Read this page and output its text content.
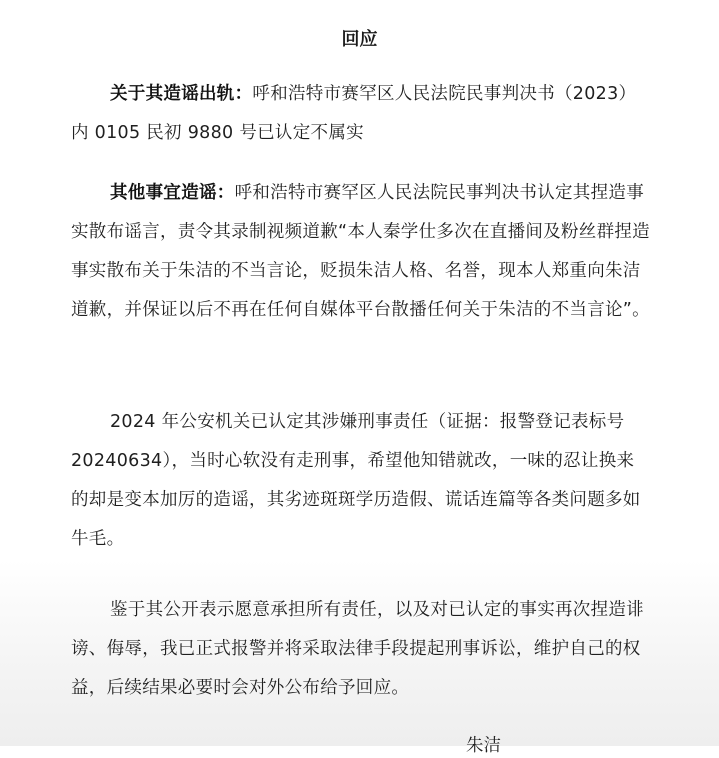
回应

关于其造谣出轨：呼和浩特市赛罕区人民法院民事判决书（2023）内 0105 民初 9880 号已认定不属实

其他事宜造谣：呼和浩特市赛罕区人民法院民事判决书认定其捏造事实散布谣言，责令其录制视频道歉“本人秦学仕多次在直播间及粉丝群捏造事实散布关于朱洁的不当言论，贬损朱洁人格、名誉，现本人郑重向朱洁道歉，并保证以后不再在任何自媒体平台散播任何关于朱洁的不当言论”。

2024 年公安机关已认定其涉嫌刑事责任（证据：报警登记表标号 20240634），当时心软没有走刑事，希望他知错就改，一味的忍让换来的却是变本加厉的造谣，其劣迹斑斑学历造假、谎话连篇等各类问题多如牛毛。

鉴于其公开表示愿意承担所有责任，以及对已认定的事实再次捏造诽谤、侮辱，我已正式报警并将采取法律手段提起刑事诉讼，维护自己的权益，后续结果必要时会对外公布给予回应。

朱洁
